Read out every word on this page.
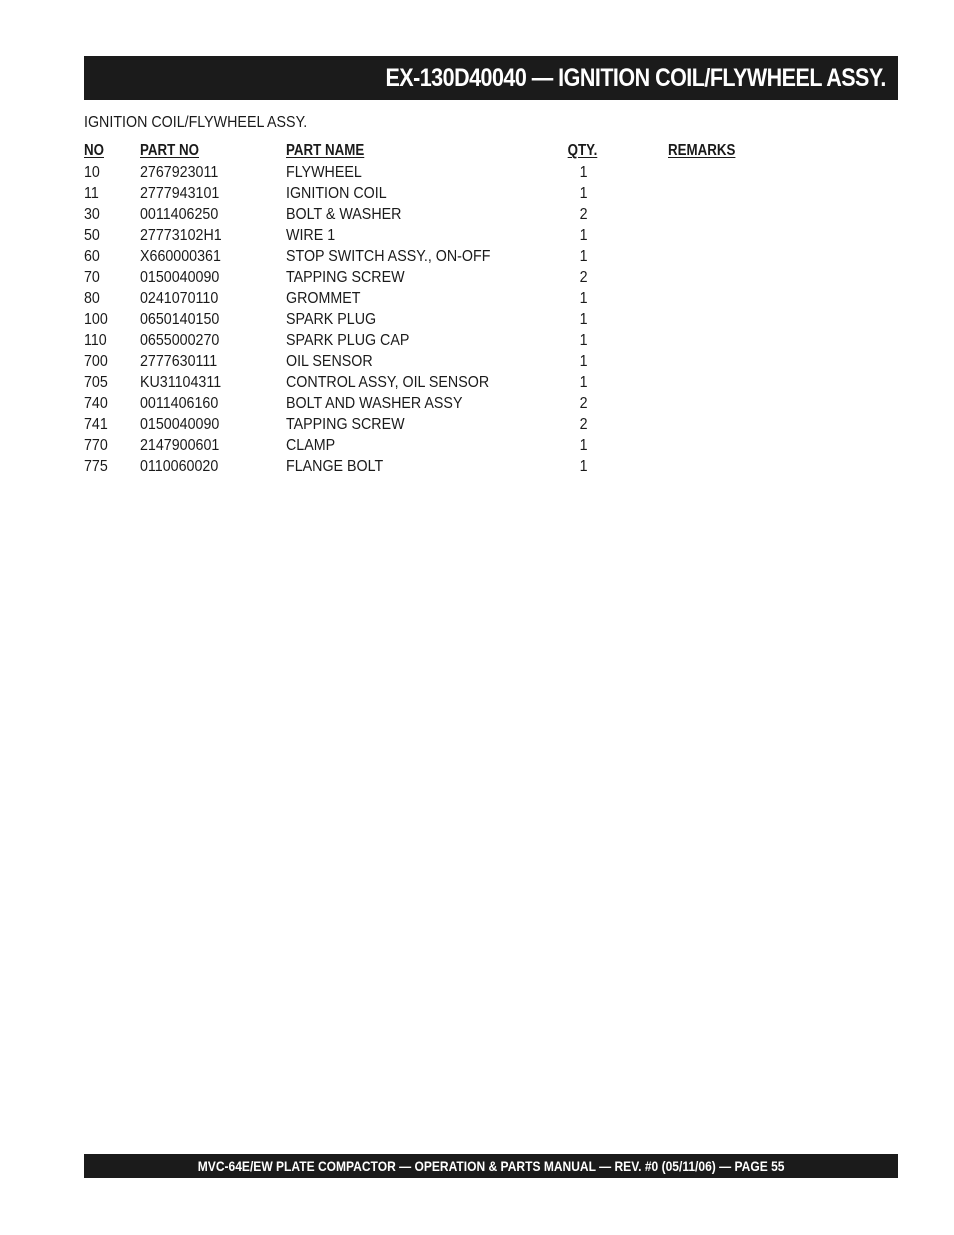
EX-130D40040 — IGNITION COIL/FLYWHEEL ASSY.
IGNITION COIL/FLYWHEEL ASSY.
NO PART NO	PART NAME	QTY.	REMARKS
10	2767923011	FLYWHEEL	1
11	2777943101	IGNITION COIL	1
30	0011406250	BOLT & WASHER	2
50	27773102H1	WIRE 1	1
60	X660000361	STOP SWITCH ASSY., ON-OFF	1
70	0150040090	TAPPING SCREW	2
80	0241070110	GROMMET	1
100 0650140150	SPARK PLUG	1
110 0655000270	SPARK PLUG CAP	1
700 2777630111	OIL SENSOR	1
705 KU31104311	CONTROL ASSY, OIL SENSOR	1
740 0011406160	BOLT AND WASHER ASSY	2
741 0150040090	TAPPING SCREW	2
770 2147900601	CLAMP	1
775 0110060020	FLANGE BOLT	1
MVC-64E/EW PLATE COMPACTOR — OPERATION & PARTS MANUAL — REV. #0 (05/11/06) — PAGE 55
